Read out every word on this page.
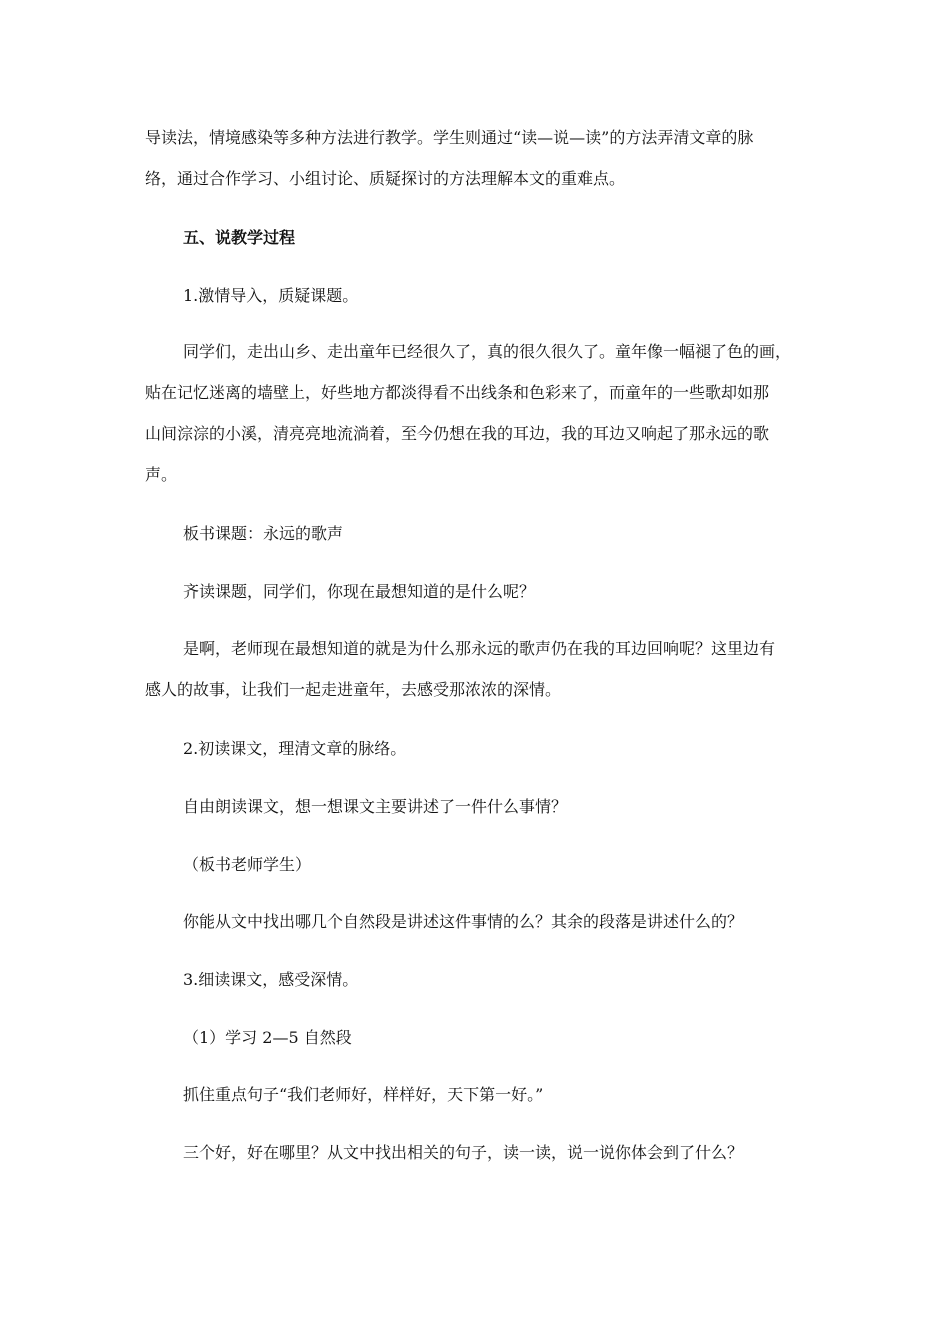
导读法，情境感染等多种方法进行教学。学生则通过“读—说—读”的方法弄清文章的脉
络，通过合作学习、小组讨论、质疑探讨的方法理解本文的重难点。

五、说教学过程

1.激情导入，质疑课题。

同学们，走出山乡、走出童年已经很久了，真的很久很久了。童年像一幅褪了色的画，
贴在记忆迷离的墙壁上，好些地方都淡得看不出线条和色彩来了，而童年的一些歌却如那
山间淙淙的小溪，清亮亮地流淌着，至今仍想在我的耳边，我的耳边又响起了那永远的歌
声。

板书课题：永远的歌声

齐读课题，同学们，你现在最想知道的是什么呢？

是啊，老师现在最想知道的就是为什么那永远的歌声仍在我的耳边回响呢？这里边有
感人的故事，让我们一起走进童年，去感受那浓浓的深情。

2.初读课文，理清文章的脉络。

自由朗读课文，想一想课文主要讲述了一件什么事情？

（板书老师学生）

你能从文中找出哪几个自然段是讲述这件事情的么？其余的段落是讲述什么的？

3.细读课文，感受深情。

（1）学习 2—5 自然段

抓住重点句子“我们老师好，样样好，天下第一好。”

三个好，好在哪里？从文中找出相关的句子，读一读，说一说你体会到了什么？
